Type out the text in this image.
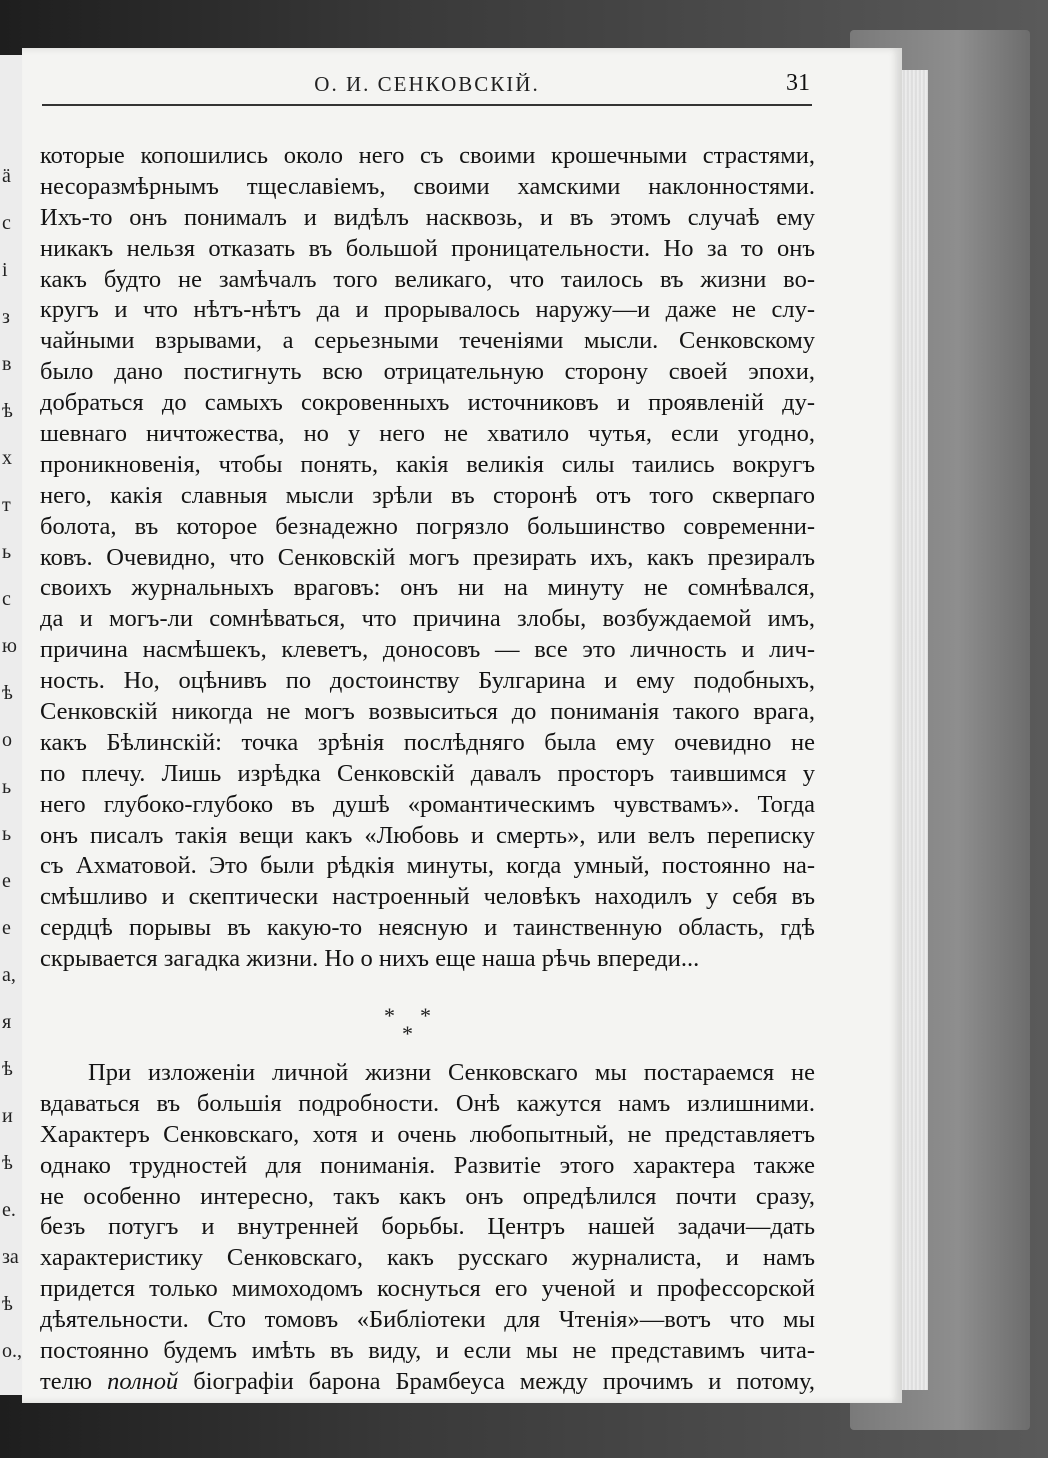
ä
с
і
з
в
ѣ
х
т
ь
с
ю
ѣ
о
ь
ь
е
е
а,
я
ѣ
и
ѣ
е.
за
ѣ
о.,
О. И. СЕНКОВСКІЙ.	31
которые копошились около него съ своими крошечными страстями,
несоразмѣрнымъ тщеславіемъ, своими хамскими наклонностями.
Ихъ-то онъ понималъ и видѣлъ насквозь, и въ этомъ случаѣ ему
никакъ нельзя отказать въ большой проницательности. Но за то онъ
какъ будто не замѣчалъ того великаго, что таилось въ жизни во-
кругъ и что нѣтъ-нѣтъ да и прорывалось наружу—и даже не слу-
чайными взрывами, а серьезными теченіями мысли. Сенковскому
было дано постигнуть всю отрицательную сторону своей эпохи,
добраться до самыхъ сокровенныхъ источниковъ и проявленій ду-
шевнаго ничтожества, но у него не хватило чутья, если угодно,
проникновенія, чтобы понять, какія великія силы таились вокругъ
него, какія славныя мысли зрѣли въ сторонѣ отъ того скверпаго
болота, въ которое безнадежно погрязло большинство современни-
ковъ. Очевидно, что Сенковскій могъ презирать ихъ, какъ презиралъ
своихъ журнальныхъ враговъ: онъ ни на минуту не сомнѣвался,
да и могъ-ли сомнѣваться, что причина злобы, возбуждаемой имъ,
причина насмѣшекъ, клеветъ, доносовъ — все это личность и лич-
ность. Но, оцѣнивъ по достоинству Булгарина и ему подобныхъ,
Сенковскій никогда не могъ возвыситься до пониманія такого врага,
какъ Бѣлинскій: точка зрѣнія послѣдняго была ему очевидно не
по плечу. Лишь изрѣдка Сенковскій давалъ просторъ таившимся у
него глубоко-глубоко въ душѣ «романтическимъ чувствамъ». Тогда
онъ писалъ такія вещи какъ «Любовь и смерть», или велъ переписку
съ Ахматовой. Это были рѣдкія минуты, когда умный, постоянно на-
смѣшливо и скептически настроенный человѣкъ находилъ у себя въ
сердцѣ порывы въ какую-то неясную и таинственную область, гдѣ
скрывается загадка жизни. Но о нихъ еще наша рѣчь впереди...
* *
*
При изложеніи личной жизни Сенковскаго мы постараемся не
вдаваться въ большія подробности. Онѣ кажутся намъ излишними.
Характеръ Сенковскаго, хотя и очень любопытный, не представляетъ
однако трудностей для пониманія. Развитіе этого характера также
не особенно интересно, такъ какъ онъ опредѣлился почти сразу,
безъ потугъ и внутренней борьбы. Центръ нашей задачи—дать
характеристику Сенковскаго, какъ русскаго журналиста, и намъ
придется только мимоходомъ коснуться его ученой и профессорской
дѣятельности. Сто томовъ «Библіотеки для Чтенія»—вотъ что мы
постоянно будемъ имѣть въ виду, и если мы не представимъ чита-
телю полной біографіи барона Брамбеуса между прочимъ и потому,
